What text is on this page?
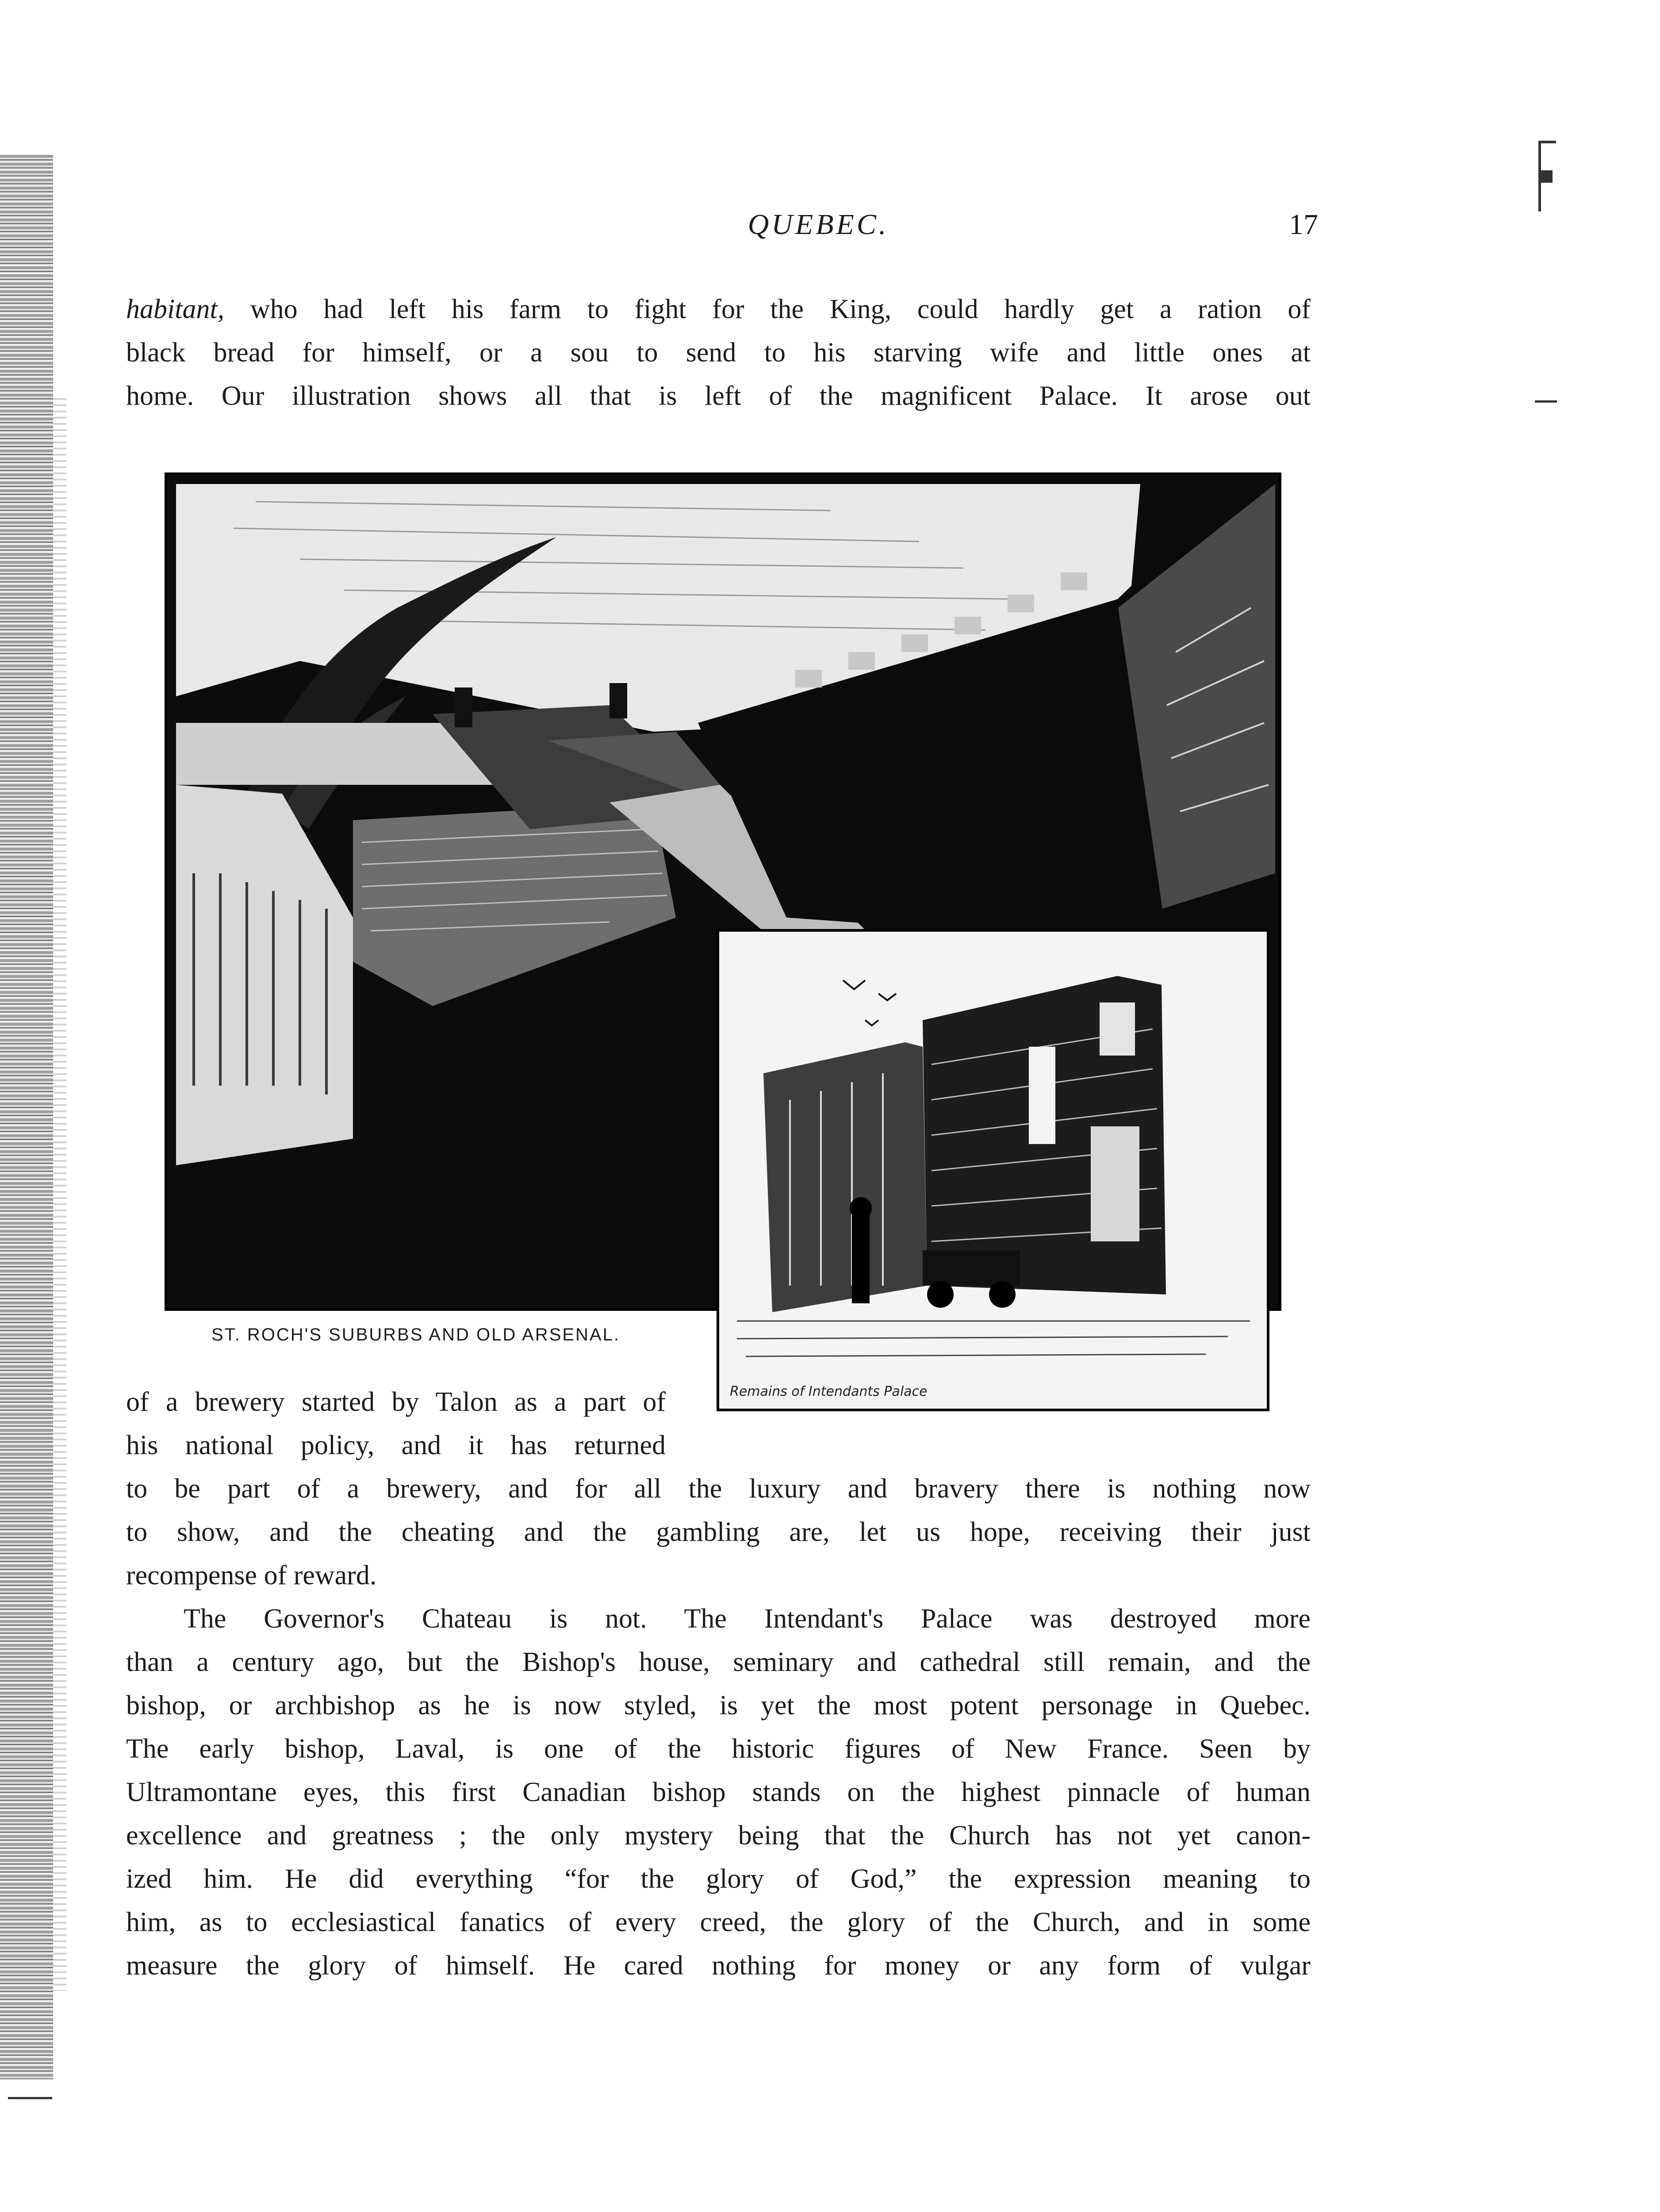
QUEBEC.	17
habitant, who had left his farm to fight for the King, could hardly get a ration of
black bread for himself, or a sou to send to his starving wife and little ones at
home. Our illustration shows all that is left of the magnificent Palace. It arose out
ST. ROCH'S SUBURBS AND OLD ARSENAL.
Remains of Intendants Palace
of a brewery started by Talon as a part of
his national policy, and it has returned
to be part of a brewery, and for all the luxury and bravery there is nothing now
to show, and the cheating and the gambling are, let us hope, receiving their just
recompense of reward.
The Governor's Chateau is not. The Intendant's Palace was destroyed more
than a century ago, but the Bishop's house, seminary and cathedral still remain, and the
bishop, or archbishop as he is now styled, is yet the most potent personage in Quebec.
The early bishop, Laval, is one of the historic figures of New France. Seen by
Ultramontane eyes, this first Canadian bishop stands on the highest pinnacle of human
excellence and greatness ; the only mystery being that the Church has not yet canon-
ized him. He did everything “for the glory of God,” the expression meaning to
him, as to ecclesiastical fanatics of every creed, the glory of the Church, and in some
measure the glory of himself. He cared nothing for money or any form of vulgar
